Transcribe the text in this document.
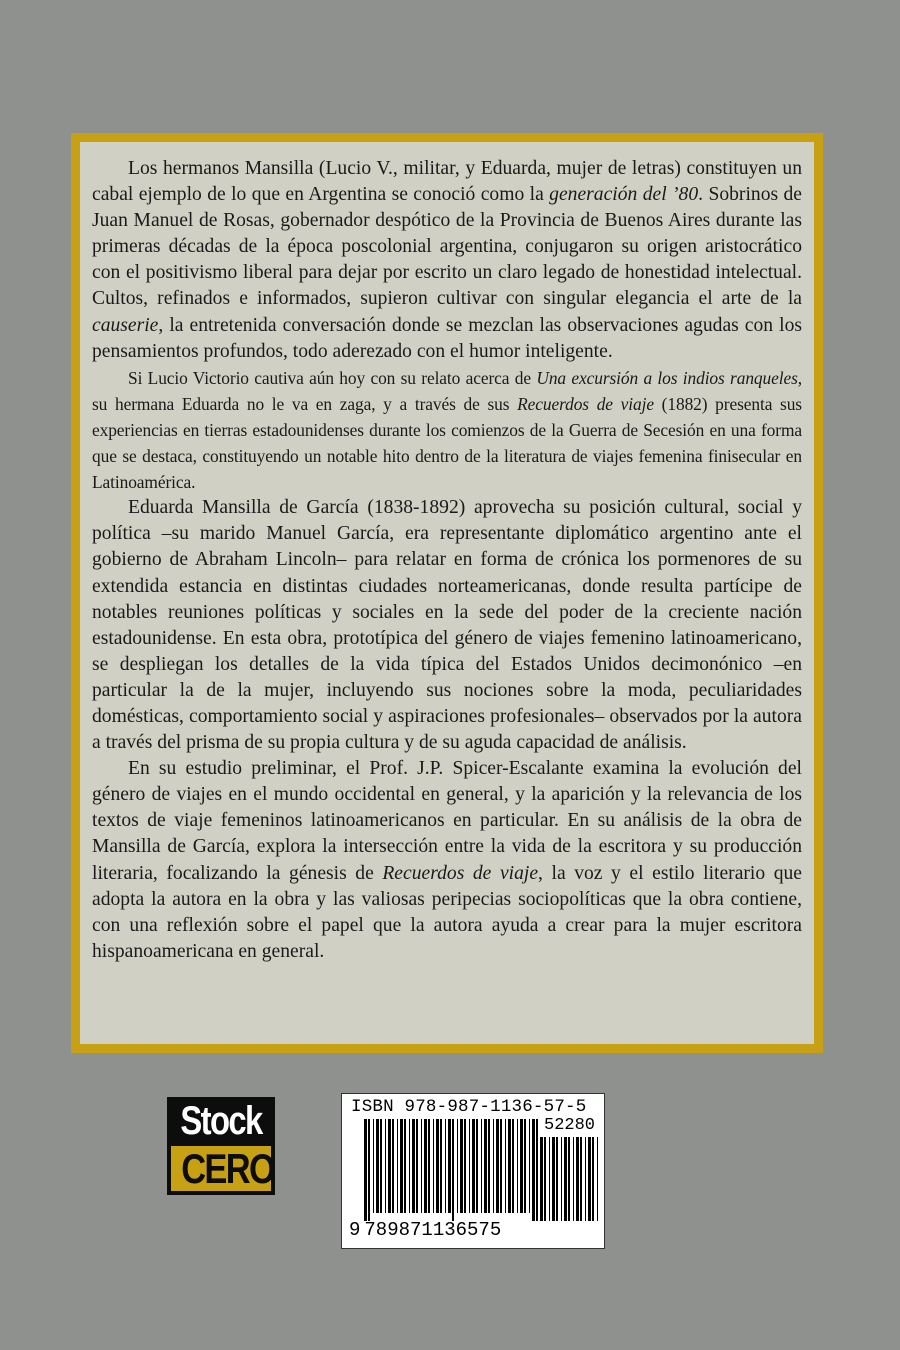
Los hermanos Mansilla (Lucio V., militar, y Eduarda, mujer de letras) constituyen un cabal ejemplo de lo que en Argentina se conoció como la generación del ’80. Sobrinos de Juan Manuel de Rosas, gobernador despótico de la Provincia de Buenos Aires durante las primeras décadas de la época poscolonial argentina, conjugaron su origen aristocrático con el positivismo liberal para dejar por escrito un claro legado de honestidad intelectual. Cultos, refinados e informados, supieron cultivar con singular elegancia el arte de la causerie, la entretenida conversación donde se mezclan las observaciones agudas con los pensamientos profundos, todo aderezado con el humor inteligente.

Si Lucio Victorio cautiva aún hoy con su relato acerca de Una excursión a los indios ranqueles, su hermana Eduarda no le va en zaga, y a través de sus Recuerdos de viaje (1882) presenta sus experiencias en tierras estadounidenses durante los comienzos de la Guerra de Secesión en una forma que se destaca, constituyendo un notable hito dentro de la literatura de viajes femenina finisecular en Latinoamérica.

Eduarda Mansilla de García (1838-1892) aprovecha su posición cultural, social y política –su marido Manuel García, era representante diplomático argentino ante el gobierno de Abraham Lincoln– para relatar en forma de crónica los pormenores de su extendida estancia en distintas ciudades norteamericanas, donde resulta partícipe de notables reuniones políticas y sociales en la sede del poder de la creciente nación estadounidense. En esta obra, prototípica del género de viajes femenino latinoamericano, se despliegan los detalles de la vida típica del Estados Unidos decimonónico –en particular la de la mujer, incluyendo sus nociones sobre la moda, peculiaridades domésticas, comportamiento social y aspiraciones profesionales– observados por la autora a través del prisma de su propia cultura y de su aguda capacidad de análisis.

En su estudio preliminar, el Prof. J.P. Spicer-Escalante examina la evolución del género de viajes en el mundo occidental en general, y la aparición y la relevancia de los textos de viaje femeninos latinoamericanos en particular. En su análisis de la obra de Mansilla de García, explora la intersección entre la vida de la escritora y su producción literaria, focalizando la génesis de Recuerdos de viaje, la voz y el estilo literario que adopta la autora en la obra y las valiosas peripecias sociopolíticas que la obra contiene, con una reflexión sobre el papel que la autora ayuda a crear para la mujer escritora hispanoamericana en general.

Stock
CERO
ISBN 978-987-1136-57-5
52280
9 789871136575
